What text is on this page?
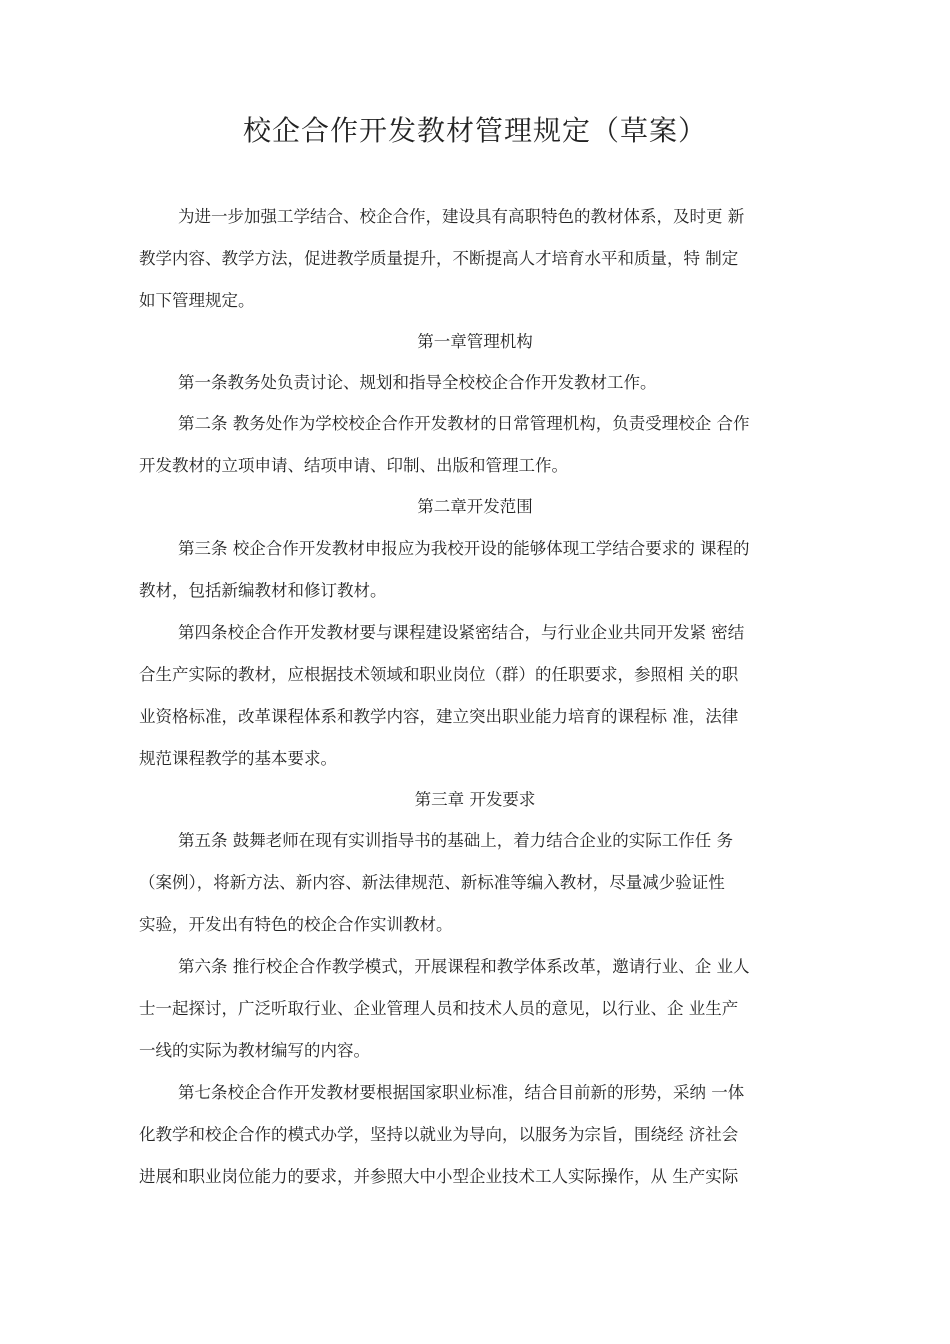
校企合作开发教材管理规定（草案）
为进一步加强工学结合、校企合作，建设具有高职特色的教材体系，及时更 新
教学内容、教学方法，促进教学质量提升，不断提高人才培育水平和质量，特 制定
如下管理规定。
第一章管理机构
第一条教务处负责讨论、规划和指导全校校企合作开发教材工作。
第二条 教务处作为学校校企合作开发教材的日常管理机构，负责受理校企 合作
开发教材的立项申请、结项申请、印制、出版和管理工作。
第二章开发范围
第三条 校企合作开发教材申报应为我校开设的能够体现工学结合要求的 课程的
教材，包括新编教材和修订教材。
第四条校企合作开发教材要与课程建设紧密结合，与行业企业共同开发紧 密结
合生产实际的教材，应根据技术领域和职业岗位（群）的任职要求，参照相 关的职
业资格标准，改革课程体系和教学内容，建立突出职业能力培育的课程标 准，法律
规范课程教学的基本要求。
第三章 开发要求
第五条 鼓舞老师在现有实训指导书的基础上，着力结合企业的实际工作任 务
（案例），将新方法、新内容、新法律规范、新标准等编入教材，尽量减少验证性
实验，开发出有特色的校企合作实训教材。
第六条 推行校企合作教学模式，开展课程和教学体系改革，邀请行业、企 业人
士一起探讨，广泛听取行业、企业管理人员和技术人员的意见，以行业、企 业生产
一线的实际为教材编写的内容。
第七条校企合作开发教材要根据国家职业标准，结合目前新的形势，采纳 一体
化教学和校企合作的模式办学，坚持以就业为导向，以服务为宗旨，围绕经 济社会
进展和职业岗位能力的要求，并参照大中小型企业技术工人实际操作，从 生产实际
